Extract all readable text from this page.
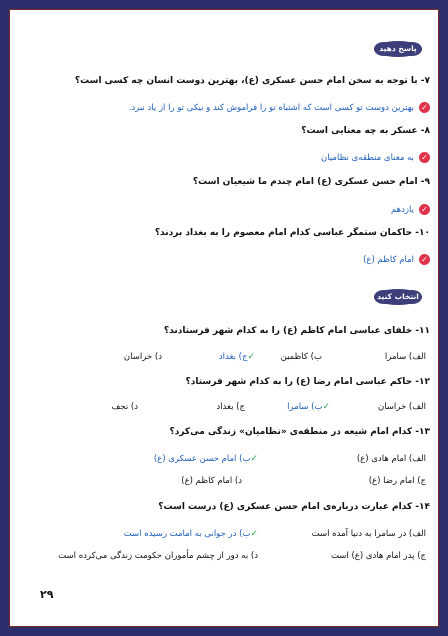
پاسخ دهید
۷- با توجه به سخن امام حسن عسکری (ع)، بهترین دوست انسان چه کسی است؟
✓بهترین دوست تو کسی است که اشتباه تو را فراموش کند و نیکی تو را از یاد نبرد.
۸- عسکر به چه معنایی است؟
✓به معنای منطقه‌ی نظامیان
۹- امام حسن عسکری (ع) امام چندم ما شیعیان است؟
✓یازدهم
۱۰- حاکمان ستمگر عباسی کدام امام معصوم را به بغداد بردند؟
✓امام کاظم (ع)
انتخاب کنید
۱۱- خلفای عباسی امام کاظم (ع) را به کدام شهر فرستادند؟
الف) سامرا
ب) کاظمین
✓ج) بغداد
د) خراسان
۱۲- حاکم عباسی امام رضا (ع) را به کدام شهر فرستاد؟
الف) خراسان
✓ب) سامرا
ج) بغداد
د) نجف
۱۳- کدام امام شیعه در منطقه‌ی «نظامیان» زندگی می‌کرد؟
الف) امام هادی (ع)
✓ب) امام حسن عسکری (ع)
ج) امام رضا (ع)
د) امام کاظم (ع)
۱۴- کدام عبارت درباره‌ی امام حسن عسکری (ع) درست است؟
الف) در سامرا به دنیا آمده است
✓ب) در جوانی به امامت رسیده است
ج) پدر امام هادی (ع) است
د) به دور از چشم مأموران حکومت زندگی می‌کرده است
۲۹
